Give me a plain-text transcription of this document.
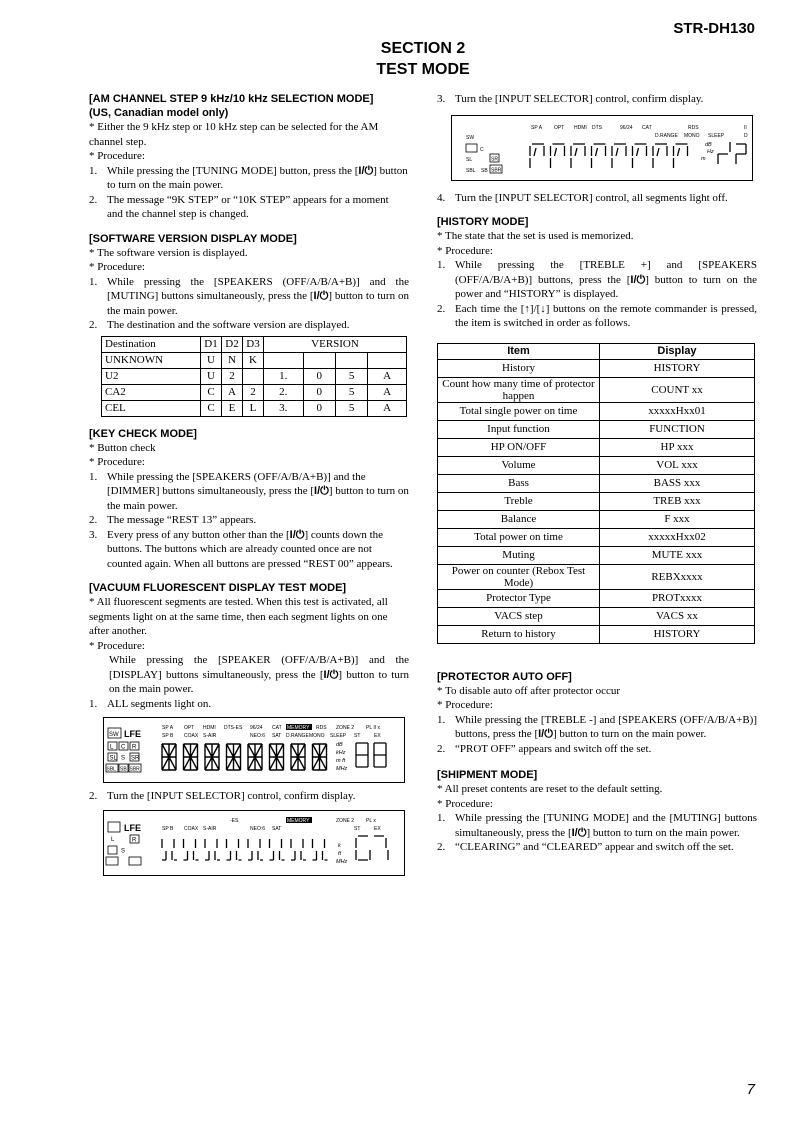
STR-DH130
SECTION 2
TEST MODE
[AM CHANNEL STEP 9 kHz/10 kHz SELECTION MODE]
(US, Canadian model only)
* Either the 9 kHz step or 10 kHz step can be selected for the AM channel step.
* Procedure:
1. While pressing the [TUNING MODE] button, press the [I/⏻] button to turn on the main power.
2. The message “9K STEP” or “10K STEP” appears for a moment
and the channel step is changed.
[SOFTWARE VERSION DISPLAY MODE]
* The software version is displayed.
* Procedure:
1. While pressing the [SPEAKERS (OFF/A/B/A+B)] and the [MUTING] buttons simultaneously, press the [I/⏻] button to turn on the main power.
2. The destination and the software version are displayed.
Destination	D1	D2	D3	VERSION			
UNKNOWN	U	N	K				
U2	U	2		1.	0	5	A
CA2	C	A	2	2.	0	5	A
CEL	C	E	L	3.	0	5	A
[KEY CHECK MODE]
* Button check
* Procedure:
1. While pressing the [SPEAKERS (OFF/A/B/A+B)] and the [DIMMER] buttons simultaneously, press the [I/⏻] button to turn on the main power.
2. The message “REST 13” appears.
3. Every press of any button other than the [I/⏻] counts down the buttons. The buttons which are already counted once are not counted again. When all buttons are pressed “REST 00” appears.
[VACUUM FLUORESCENT DISPLAY TEST MODE]
* All fluorescent segments are tested. When this test is activated, all segments light on at the same time, then each segment lights on one after another.
* Procedure:
While pressing the [SPEAKER (OFF/A/B/A+B)] and the [DISPLAY] buttons simultaneously, press the [I/⏻] button to turn on the main power.
1. ALL segments light on.
SW LFE
L C R
SL S SR
SBL SB SBR
SP A OPT HDMI DTS-ES 96/24 CAT MEMORY RDS ZONE 2 PL II x
SP B COAX S-AIR	NEO:6 SAT D.RANGE MONO SLEEP ST	EX
dB
kHz
m ft
MHz
2. Turn the [INPUT SELECTOR] control, confirm display.
LFE
L	R
S
-ES	MEMORY	ZONE 2 PL x
SP B COAX S-AIR	NEO:6 SAT	ST	EX
k
ft
MHz
3. Turn the [INPUT SELECTOR] control, confirm display.
SW
C
SL	SR
SBL SB SBR
SP A OPT HDMI DTS	96/24 CAT	RDS	II
D.RANGE MONO SLEEP	D
dB
Hz
m
4. Turn the [INPUT SELECTOR] control, all segments light off.
[HISTORY MODE]
* The state that the set is used is memorized.
* Procedure:
1. While pressing the [TREBLE +] and [SPEAKERS (OFF/A/B/A+B)] buttons, press the [I/⏻] button to turn on the power and “HISTORY” is displayed.
2. Each time the [↑]/[↓] buttons on the remote commander is pressed, the item is switched in order as follows.
Item	Display
History	HISTORY
Count how many time of protector happen	COUNT xx
Total single power on time	xxxxxHxx01
Input function	FUNCTION
HP ON/OFF	HP xxx
Volume	VOL xxx
Bass	BASS xxx
Treble	TREB xxx
Balance	F xxx
Total power on time	xxxxxHxx02
Muting	MUTE xxx
Power on counter (Rebox Test Mode)	REBXxxxx
Protector Type	PROTxxxx
VACS step	VACS xx
Return to history	HISTORY
[PROTECTOR AUTO OFF]
* To disable auto off after protector occur
* Procedure:
1. While pressing the [TREBLE -] and [SPEAKERS (OFF/A/B/A+B)] buttons, press the [I/⏻] button to turn on the main power.
2. “PROT OFF” appears and switch off the set.
[SHIPMENT MODE]
* All preset contents are reset to the default setting.
* Procedure:
1. While pressing the [TUNING MODE] and the [MUTING] buttons simultaneously, press the [I/⏻] button to turn on the main power.
2. “CLEARING” and “CLEARED” appear and switch off the set.
7
